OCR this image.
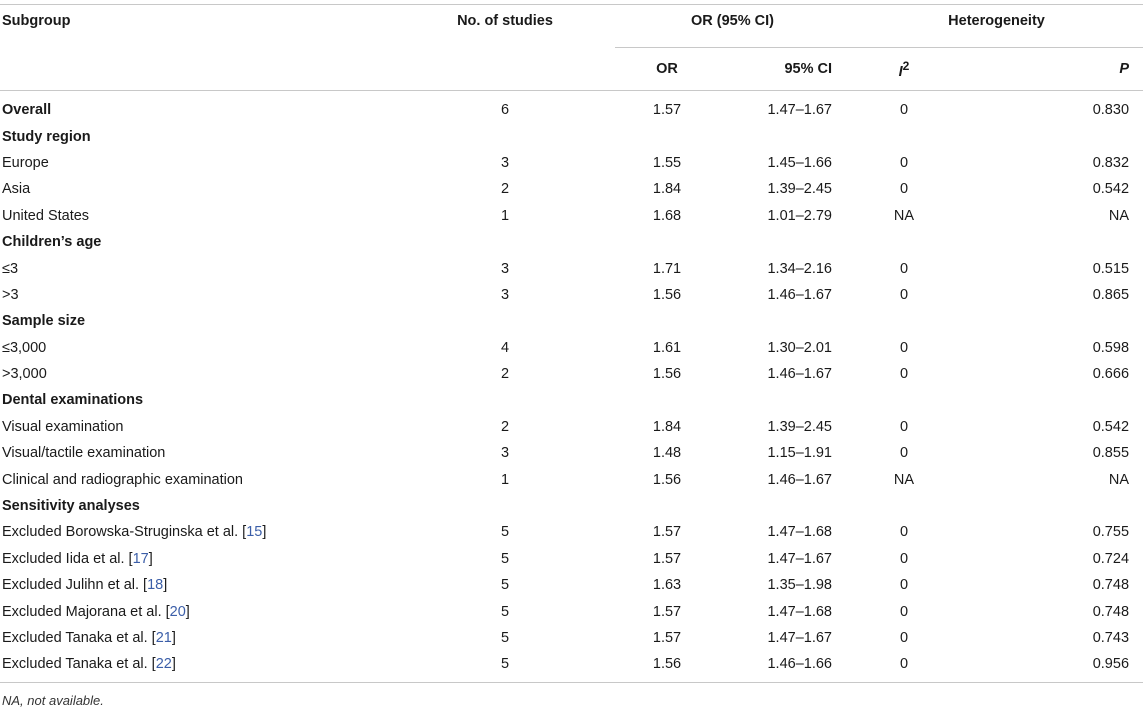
Subgroup	No. of studies	OR (95% CI)		Heterogeneity	
		OR	95% CI	$I^2$	P
Overall	6	1.57	1.47–1.67	0	0.830
Study region					
Europe	3	1.55	1.45–1.66	0	0.832
Asia	2	1.84	1.39–2.45	0	0.542
United States	1	1.68	1.01–2.79	NA	NA
Children’s age					
≤3	3	1.71	1.34–2.16	0	0.515
>3	3	1.56	1.46–1.67	0	0.865
Sample size					
≤3,000	4	1.61	1.30–2.01	0	0.598
>3,000	2	1.56	1.46–1.67	0	0.666
Dental examinations					
Visual examination	2	1.84	1.39–2.45	0	0.542
Visual/tactile examination	3	1.48	1.15–1.91	0	0.855
Clinical and radiographic examination	1	1.56	1.46–1.67	NA	NA
Sensitivity analyses					
Excluded Borowska-Struginska et al. [15]	5	1.57	1.47–1.68	0	0.755
Excluded Iida et al. [17]	5	1.57	1.47–1.67	0	0.724
Excluded Julihn et al. [18]	5	1.63	1.35–1.98	0	0.748
Excluded Majorana et al. [20]	5	1.57	1.47–1.68	0	0.748
Excluded Tanaka et al. [21]	5	1.57	1.47–1.67	0	0.743
Excluded Tanaka et al. [22]	5	1.56	1.46–1.66	0	0.956
NA, not available.
